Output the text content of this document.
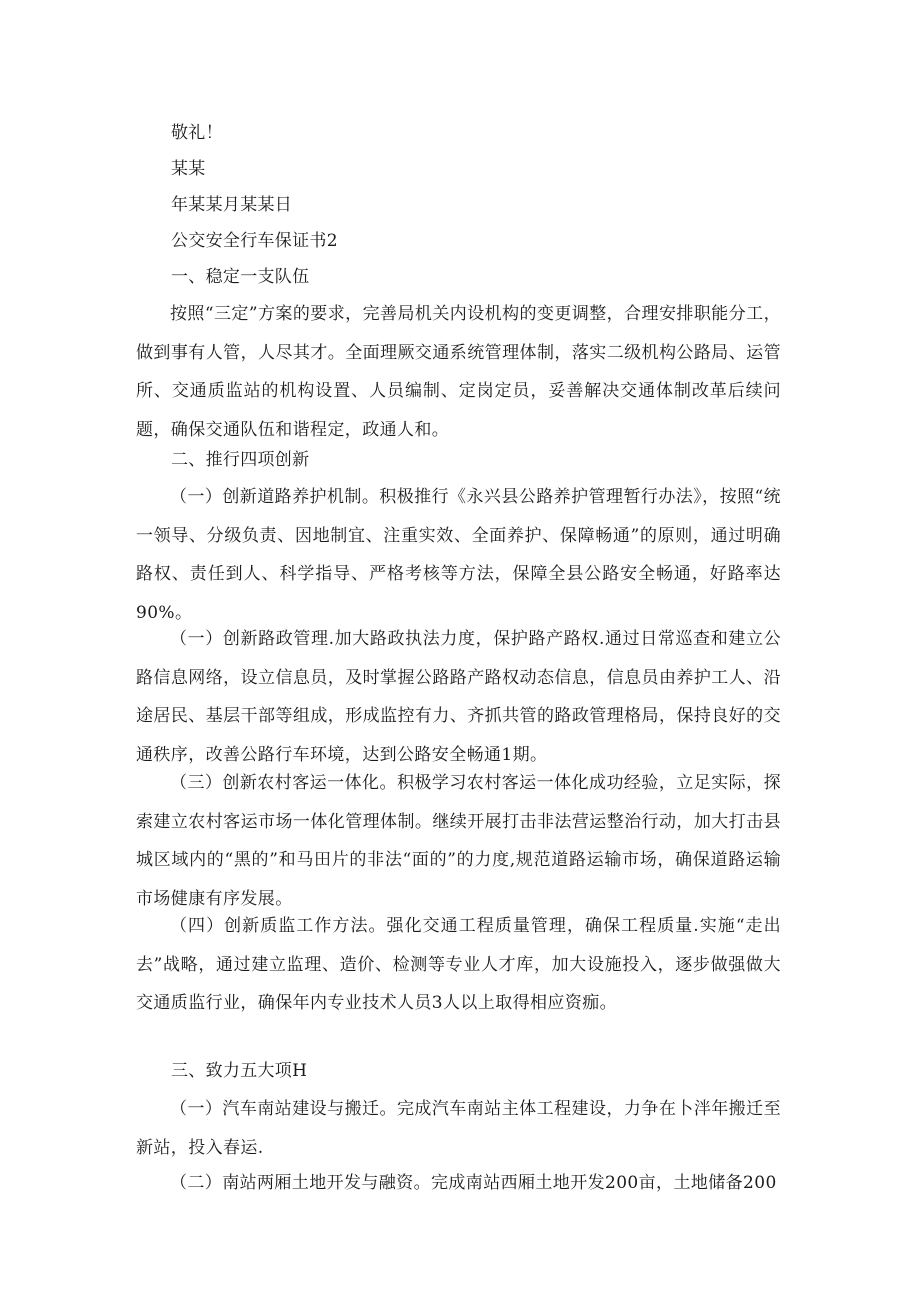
敬礼！
某某
年某某月某某日
公交安全行车保证书2
一、稳定一支队伍
按照“三定”方案的要求，完善局机关内设机构的变更调整，合理安排职能分工，做到事有人管，人尽其才。全面理厥交通系统管理体制，落实二级机构公路局、运管所、交通质监站的机构设置、人员编制、定岗定员，妥善解决交通体制改革后续问题，确保交通队伍和谐程定，政通人和。
二、推行四项创新
（一）创新道路养护机制。积极推行《永兴县公路养护管理暂行办法》，按照“统一领导、分级负责、因地制宜、注重实效、全面养护、保障畅通”的原则，通过明确路权、责任到人、科学指导、严格考核等方法，保障全县公路安全畅通，好路率达90%。
（一）创新路政管理.加大路政执法力度，保护路产路权.通过日常巡查和建立公路信息网络，设立信息员，及时掌握公路路产路权动态信息，信息员由养护工人、沿途居民、基层干部等组成，形成监控有力、齐抓共管的路政管理格局，保持良好的交通秩序，改善公路行车环境，达到公路安全畅通1期。
（三）创新农村客运一体化。积极学习农村客运一体化成功经验，立足实际，探索建立农村客运市场一体化管理体制。继续开展打击非法营运整治行动，加大打击县城区域内的“黑的”和马田片的非法“面的”的力度,规范道路运输市场，确保道路运输市场健康有序发展。
（四）创新质监工作方法。强化交通工程质量管理，确保工程质量.实施“走出去”战略，通过建立监理、造价、检测等专业人才库，加大设施投入，逐步做强做大交通质监行业，确保年内专业技术人员3人以上取得相应资痂。
三、致力五大项H
（一）汽车南站建设与搬迁。完成汽车南站主体工程建设，力争在卜泮年搬迁至新站，投入春运.
（二）南站两厢土地开发与融资。完成南站西厢土地开发200亩，土地储备200
